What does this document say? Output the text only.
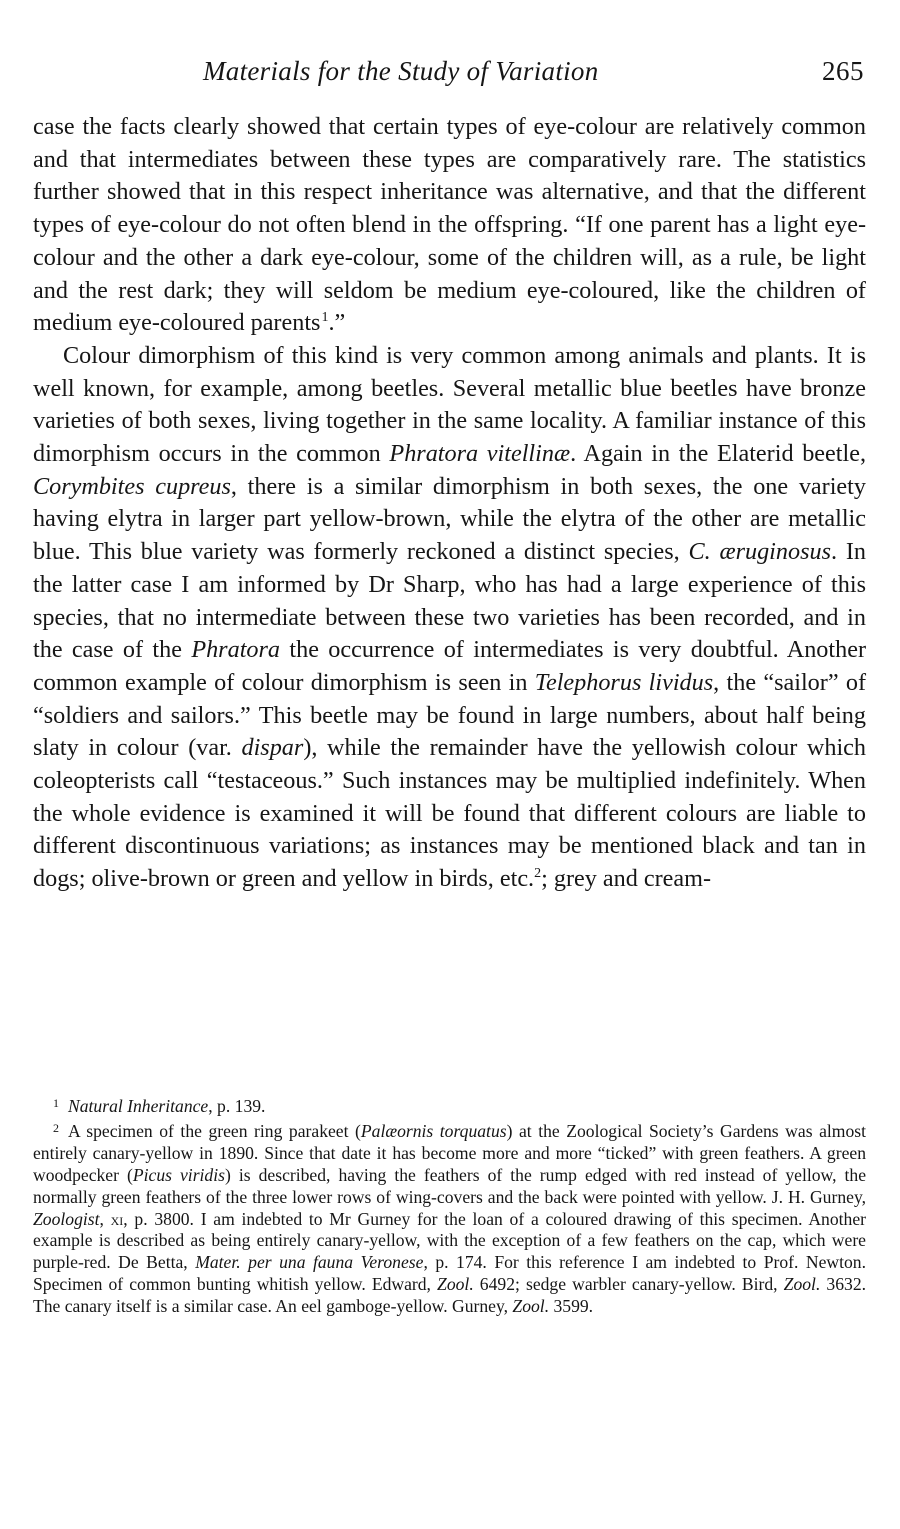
Materials for the Study of Variation	265

case the facts clearly showed that certain types of eye-colour are relatively common and that intermediates between these types are comparatively rare. The statistics further showed that in this respect inheritance was alternative, and that the different types of eye-colour do not often blend in the offspring. “If one parent has a light eye-colour and the other a dark eye-colour, some of the children will, as a rule, be light and the rest dark; they will seldom be medium eye-coloured, like the children of medium eye-coloured parents$^1$.”

Colour dimorphism of this kind is very common among animals and plants. It is well known, for example, among beetles. Several metallic blue beetles have bronze varieties of both sexes, living together in the same locality. A familiar instance of this dimorphism occurs in the common Phratora vitellinæ. Again in the Elaterid beetle, Corymbites cupreus, there is a similar dimorphism in both sexes, the one variety having elytra in larger part yellow-brown, while the elytra of the other are metallic blue. This blue variety was formerly reckoned a distinct species, C. æruginosus. In the latter case I am informed by Dr Sharp, who has had a large experience of this species, that no intermediate between these two varieties has been recorded, and in the case of the Phratora the occurrence of intermediates is very doubtful. Another common example of colour dimorphism is seen in Telephorus lividus, the “sailor” of “soldiers and sailors.” This beetle may be found in large numbers, about half being slaty in colour (var. dispar), while the remainder have the yellowish colour which coleopterists call “testaceous.” Such instances may be multiplied indefinitely. When the whole evidence is examined it will be found that different colours are liable to different discontinuous variations; as instances may be mentioned black and tan in dogs; olive-brown or green and yellow in birds, etc.$^2$; grey and cream-

$^1$ Natural Inheritance, p. 139.

$^2$ A specimen of the green ring parakeet (Palæornis torquatus) at the Zoological Society’s Gardens was almost entirely canary-yellow in 1890. Since that date it has become more and more “ticked” with green feathers. A green woodpecker (Picus viridis) is described, having the feathers of the rump edged with red instead of yellow, the normally green feathers of the three lower rows of wing-covers and the back were pointed with yellow. J. H. Gurney, Zoologist, xi, p. 3800. I am indebted to Mr Gurney for the loan of a coloured drawing of this specimen. Another example is described as being entirely canary-yellow, with the exception of a few feathers on the cap, which were purple-red. De Betta, Mater. per una fauna Veronese, p. 174. For this reference I am indebted to Prof. Newton. Specimen of common bunting whitish yellow. Edward, Zool. 6492; sedge warbler canary-yellow. Bird, Zool. 3632. The canary itself is a similar case. An eel gamboge-yellow. Gurney, Zool. 3599.
